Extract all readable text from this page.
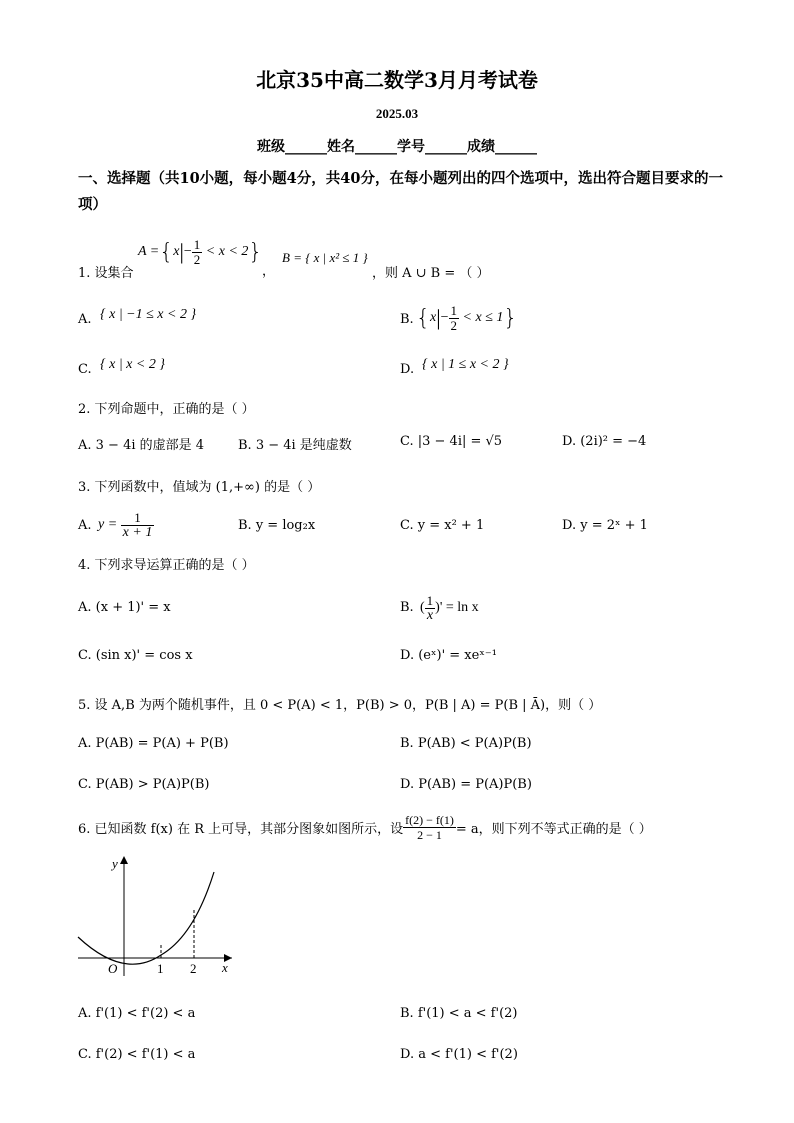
北京35中高二数学3月月考试卷
2025.03
班级______姓名______学号______成绩______
一、选择题（共10小题，每小题4分，共40分，在每小题列出的四个选项中，选出符合题目要求的一项）
1. 设集合
A = { x | − $\frac{1}{2} < x < 2$ }
，
B = { x | x² ≤ 1 }
，则 A ∪ B = （ ）
A. { x | −1 ≤ x < 2 }	B. { x | − $\frac{1}{2} < x \le 1$ }
C. { x | x < 2 }	D. { x | 1 ≤ x < 2 }
2. 下列命题中，正确的是（ ）
A. 3 − 4i 的虚部是 4	B. 3 − 4i 是纯虚数	C. |3 − 4i| = √5	D. (2i)² = −4
3. 下列函数中，值域为 (1,+∞) 的是（ ）
A. $y = \frac{1}{x + 1}$	B. y = log₂x	C. y = x² + 1	D. y = 2ˣ + 1
4. 下列求导运算正确的是（ ）
A. (x + 1)' = x	B. ( $\frac{1}{x}$ )' = ln x
C. (sin x)' = cos x	D. (eˣ)' = xeˣ⁻¹
5. 设 A,B 为两个随机事件，且 0 < P(A) < 1，P(B) > 0，P(B | A) = P(B | Ā)，则（ ）
A. P(AB) = P(A) + P(B)	B. P(AB) < P(A)P(B)
C. P(AB) > P(A)P(B)	D. P(AB) = P(A)P(B)
6. 已知函数 f(x) 在 R 上可导，其部分图象如图所示，设 $\frac{f(2) - f(1)}{2 - 1} = a$，则下列不等式正确的是（ ）
y
x
O	1 2
A. f'(1) < f'(2) < a	B. f'(1) < a < f'(2)
C. f'(2) < f'(1) < a	D. a < f'(1) < f'(2)
